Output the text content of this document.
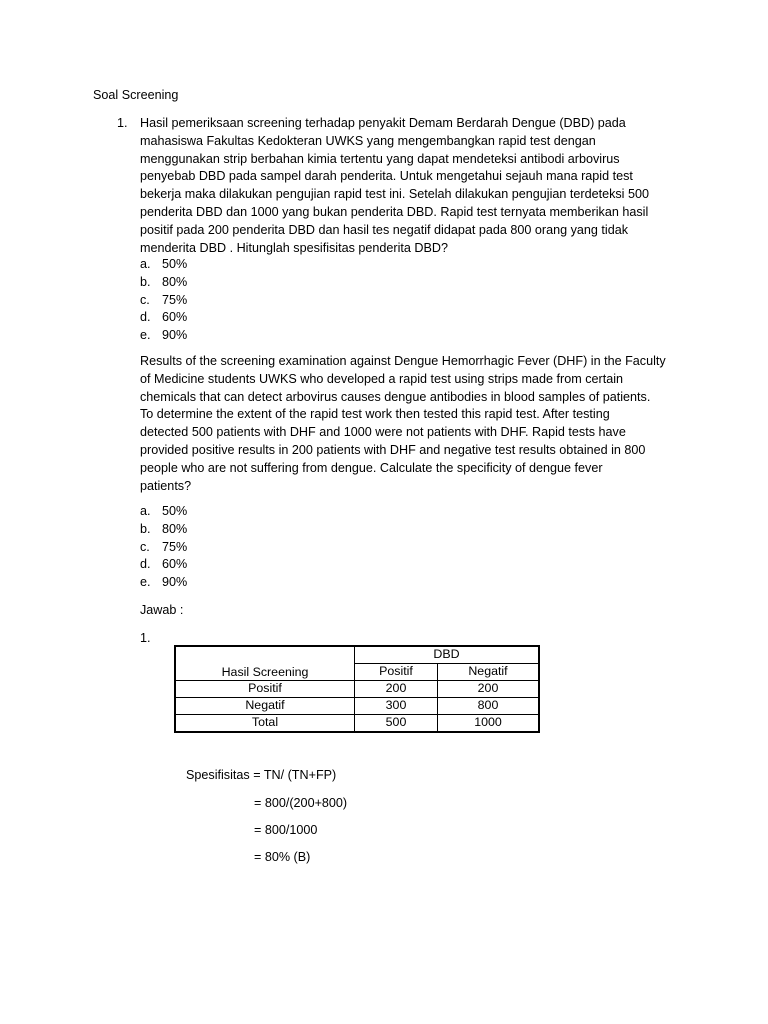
Soal Screening
1. Hasil pemeriksaan screening terhadap penyakit Demam Berdarah Dengue (DBD) pada
mahasiswa Fakultas Kedokteran UWKS yang mengembangkan rapid test dengan
menggunakan strip berbahan kimia tertentu yang dapat mendeteksi antibodi arbovirus
penyebab DBD pada sampel darah penderita. Untuk mengetahui sejauh mana rapid test
bekerja maka dilakukan pengujian rapid test ini. Setelah dilakukan pengujian terdeteksi 500
penderita DBD dan 1000 yang bukan penderita DBD. Rapid test ternyata memberikan hasil
positif pada 200 penderita DBD dan hasil tes negatif didapat pada 800 orang yang tidak
menderita DBD . Hitunglah spesifisitas penderita DBD?
a. 50%
b. 80%
c. 75%
d. 60%
e. 90%
Results of the screening examination against Dengue Hemorrhagic Fever (DHF) in the Faculty
of Medicine students UWKS who developed a rapid test using strips made from certain
chemicals that can detect arbovirus causes dengue antibodies in blood samples of patients.
To determine the extent of the rapid test work then tested this rapid test. After testing
detected 500 patients with DHF and 1000 were not patients with DHF. Rapid tests have
provided positive results in 200 patients with DHF and negative test results obtained in 800
people who are not suffering from dengue. Calculate the specificity of dengue fever
patients?
a. 50%
b. 80%
c. 75%
d. 60%
e. 90%
Jawab :
1.
Hasil Screening	DBD	
	Positif	Negatif
Positif	200	200
Negatif	300	800
Total	500	1000
Spesifisitas = TN/ (TN+FP)
= 800/(200+800)
= 800/1000
= 80% (B)
